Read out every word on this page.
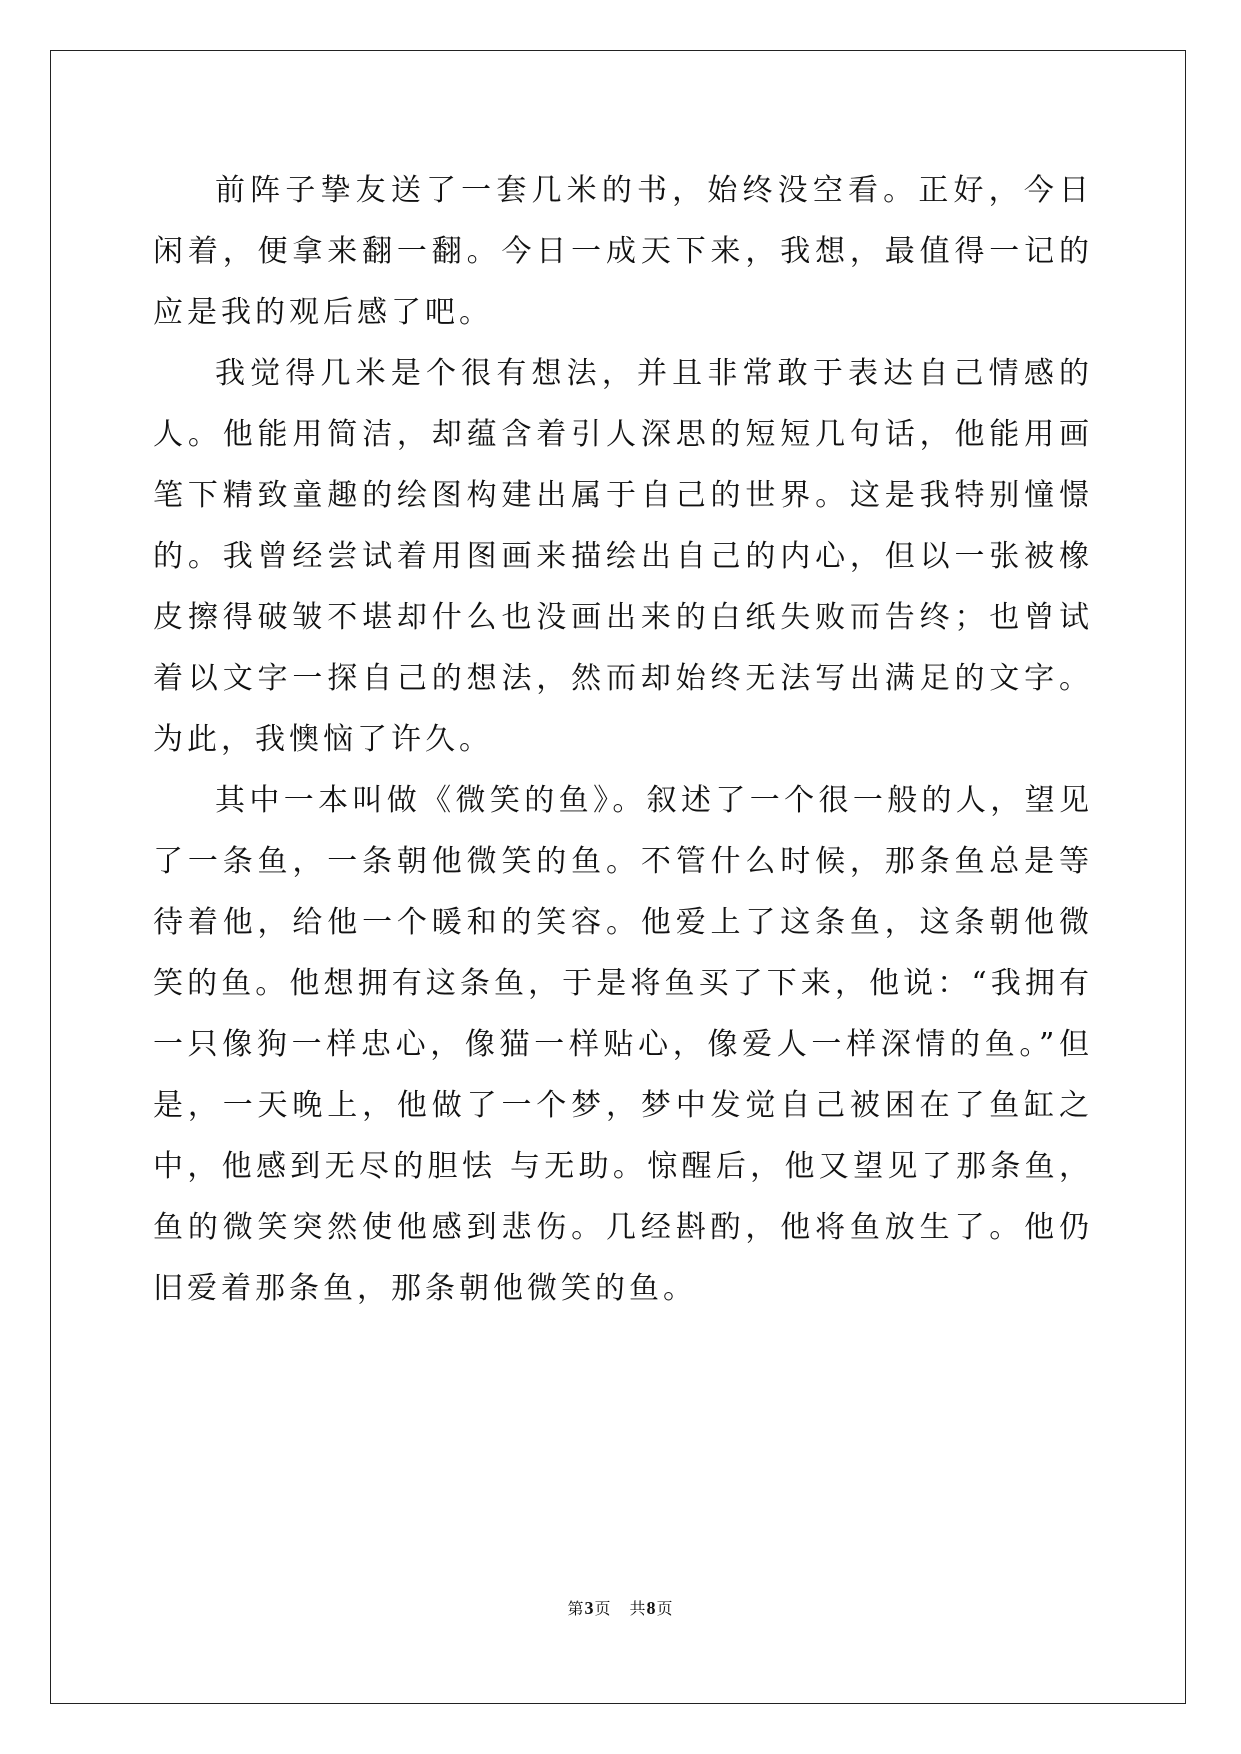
前阵子挚友送了一套几米的书，始终没空看。正好，今日闲着，便拿来翻一翻。今日一成天下来，我想，最值得一记的应是我的观后感了吧。

我觉得几米是个很有想法，并且非常敢于表达自己情感的人。他能用简洁，却蕴含着引人深思的短短几句话，他能用画笔下精致童趣的绘图构建出属于自己的世界。这是我特别憧憬的。我曾经尝试着用图画来描绘出自己的内心，但以一张被橡皮擦得破皱不堪却什么也没画出来的白纸失败而告终；也曾试着以文字一探自己的想法，然而却始终无法写出满足的文字。为此，我懊恼了许久。

其中一本叫做《微笑的鱼》。叙述了一个很一般的人，望见了一条鱼，一条朝他微笑的鱼。不管什么时候，那条鱼总是等待着他，给他一个暖和的笑容。他爱上了这条鱼，这条朝他微笑的鱼。他想拥有这条鱼，于是将鱼买了下来，他说：“我拥有一只像狗一样忠心，像猫一样贴心，像爱人一样深情的鱼。”但是，一天晚上，他做了一个梦，梦中发觉自己被困在了鱼缸之中，他感到无尽的胆怯 与无助。惊醒后，他又望见了那条鱼，鱼的微笑突然使他感到悲伤。几经斟酌，他将鱼放生了。他仍旧爱着那条鱼，那条朝他微笑的鱼。

第3页 共8页
